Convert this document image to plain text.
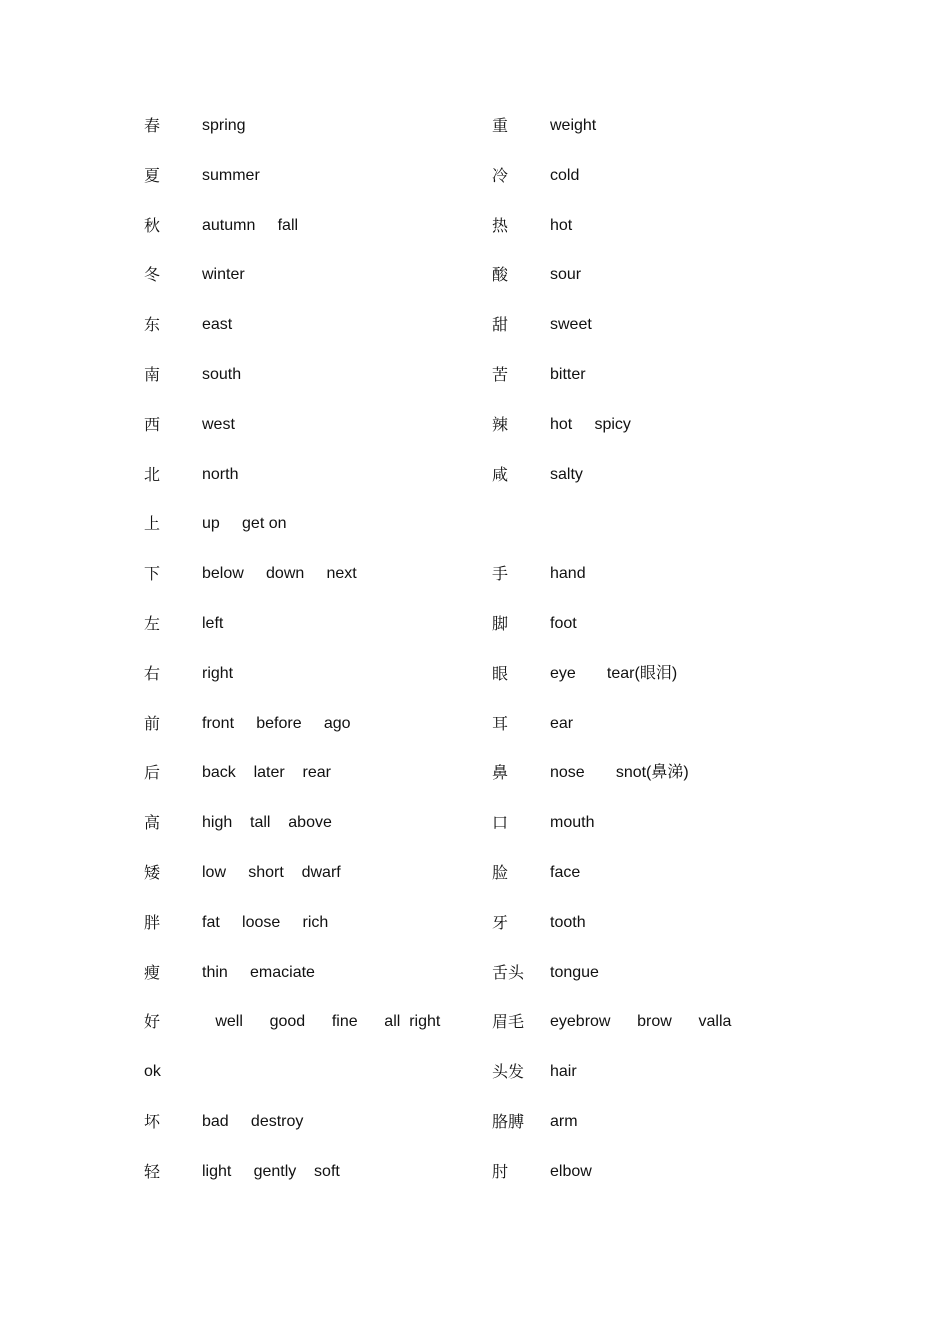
春	spring
夏	summer
秋	autumn     fall
冬	winter
东	east
南	south
西	west
北	north
上	up     get on
下	below     down     next
左	left
右	right
前	front     before     ago
后	back    later    rear
高	high    tall    above
矮	low     short    dwarf
胖	fat     loose     rich
瘦	thin     emaciate
好	well      good      fine      all  right
ok
坏	bad     destroy
轻	light     gently    soft
重	weight
冷	cold
热	hot
酸	sour
甜	sweet
苦	bitter
辣	hot     spicy
咸	salty
手	hand
脚	foot
眼	eye       tear(眼泪)
耳	ear
鼻	nose       snot(鼻涕)
口	mouth
脸	face
牙	tooth
舌头	tongue
眉毛	eyebrow      brow      valla
头发	hair
胳膊	arm
肘	elbow
